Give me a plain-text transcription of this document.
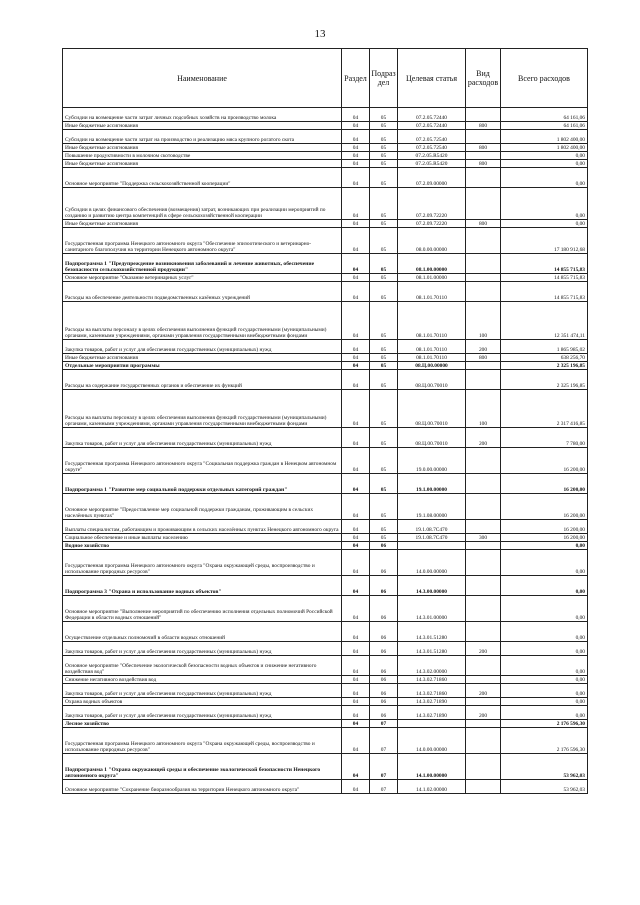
13
Наименование	Раздел	Подраз дел	Целевая статья	Вид расходов	Всего расходов
Субсидии на возмещение части затрат личных подсобных хозяйств на производство молока	04	05	07.2.05.72440		64 161,06
Иные бюджетные ассигнования	04	05	07.2.05.72440	800	64 161,06
Субсидии на возмещение части затрат на производство и реализацию мяса крупного рогатого скота	04	05	07.2.05.72540		1 802 400,00
Иные бюджетные ассигнования	04	05	07.2.05.72540	800	1 802 400,00
Повышение продуктивности в молочном скотоводстве	04	05	07.2.05.R5420		0,00
Иные бюджетные ассигнования	04	05	07.2.05.R5420	800	0,00
Основное мероприятие "Поддержка сельскохозяйственной кооперации"	04	05	07.2.09.00000		0,00
Субсидии в целях финансового обеспечения (возмещения) затрат, возникающих при реализации мероприятий по созданию и развитию центра компетенций в сфере сельскохозяйственной кооперации	04	05	07.2.09.72220		0,00
Иные бюджетные ассигнования	04	05	07.2.09.72220	800	0,00
Государственная программа Ненецкого автономного округа "Обеспечение эпизоотического и ветеринарно-санитарного благополучия на территории Ненецкого автономного округа"	04	05	08.0.00.00000		17 180 912,68
Подпрограмма 1 "Предупреждение возникновения заболеваний и лечение животных, обеспечение безопасности сельскохозяйственной продукции"	04	05	08.1.00.00000		14 855 715,83
Основное мероприятие "Оказание ветеринарных услуг"	04	05	08.1.01.00000		14 855 715,83
Расходы на обеспечение деятельности подведомственных казённых учреждений	04	05	08.1.01.70110		14 855 715,83
Расходы на выплаты персоналу в целях обеспечения выполнения функций государственными (муниципальными) органами, казенными учреждениями, органами управления государственными внебюджетными фондами	04	05	08.1.01.70110	100	12 351 474,11
Закупка товаров, работ и услуг для обеспечения государственных (муниципальных) нужд	04	05	08.1.01.70110	200	1 865 985,02
Иные бюджетные ассигнования	04	05	08.1.01.70110	800	638 256,70
Отдельные мероприятия программы	04	05	08.Ц.00.00000		2 325 196,85
Расходы на содержание государственных органов и обеспечение их функций	04	05	08.Ц.00.70010		2 325 196,85
Расходы на выплаты персоналу в целях обеспечения выполнения функций государственными (муниципальными) органами, казенными учреждениями, органами управления государственными внебюджетными фондами	04	05	08.Ц.00.70010	100	2 317 416,85
Закупка товаров, работ и услуг для обеспечения государственных (муниципальных) нужд	04	05	08.Ц.00.70010	200	7 780,00
Государственная программа Ненецкого автономного округа "Социальная поддержка граждан в Ненецком автономном округе"	04	05	19.0.00.00000		16 200,00
Подпрограмма 1 "Развитие мер социальной поддержки отдельных категорий граждан"	04	05	19.1.00.00000		16 200,00
Основное мероприятие "Предоставление мер социальной поддержки гражданам, проживающим в сельских населённых пунктах"	04	05	19.1.08.00000		16 200,00
Выплаты специалистам, работающим и проживающим в сельских населённых пунктах Ненецкого автономного округа	04	05	19.1.08.7C470		16 200,00
Социальное обеспечение и иные выплаты населению	04	05	19.1.08.7C470	300	16 200,00
Водное хозяйство	04	06			0,00
Государственная программа Ненецкого автономного округа "Охрана окружающей среды, воспроизводство и использование природных ресурсов"	04	06	14.0.00.00000		0,00
Подпрограмма 3 "Охрана и использование водных объектов"	04	06	14.3.00.00000		0,00
Основное мероприятие "Выполнение мероприятий по обеспечению исполнения отдельных полномочий Российской Федерации в области водных отношений"	04	06	14.3.01.00000		0,00
Осуществление отдельных полномочий в области водных отношений	04	06	14.3.01.51280		0,00
Закупка товаров, работ и услуг для обеспечения государственных (муниципальных) нужд	04	06	14.3.01.51280	200	0,00
Основное мероприятие "Обеспечение экологической безопасности водных объектов и снижение негативного воздействия вод"	04	06	14.3.02.00000		0,00
Снижение негативного воздействия вод	04	06	14.3.02.71860		0,00
Закупка товаров, работ и услуг для обеспечения государственных (муниципальных) нужд	04	06	14.3.02.71860	200	0,00
Охрана водных объектов	04	06	14.3.02.71890		0,00
Закупка товаров, работ и услуг для обеспечения государственных (муниципальных) нужд	04	06	14.3.02.71890	200	0,00
Лесное хозяйство	04	07			2 176 596,30
Государственная программа Ненецкого автономного округа "Охрана окружающей среды, воспроизводство и использование природных ресурсов"	04	07	14.0.00.00000		2 176 596,30
Подпрограмма 1 "Охрана окружающей среды и обеспечение экологической безопасности Ненецкого автономного округа"	04	07	14.1.00.00000		53 962,03
Основное мероприятие "Сохранение биоразнообразия на территории Ненецкого автономного округа"	04	07	14.1.02.00000		53 962,03
